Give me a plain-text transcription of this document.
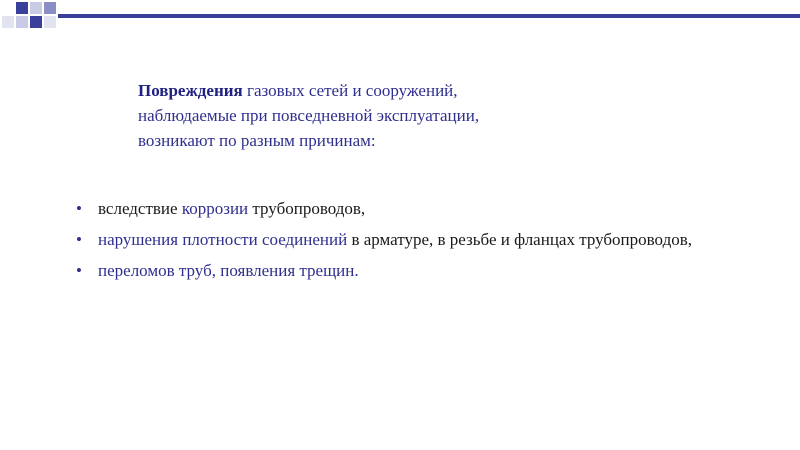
Повреждения газовых сетей и сооружений,
наблюдаемые при повседневной эксплуатации,
возникают по разным причинам:
• вследствие коррозии трубопроводов,
• нарушения плотности соединений в арматуре, в резьбе и фланцах трубопроводов,
• переломов труб, появления трещин.
